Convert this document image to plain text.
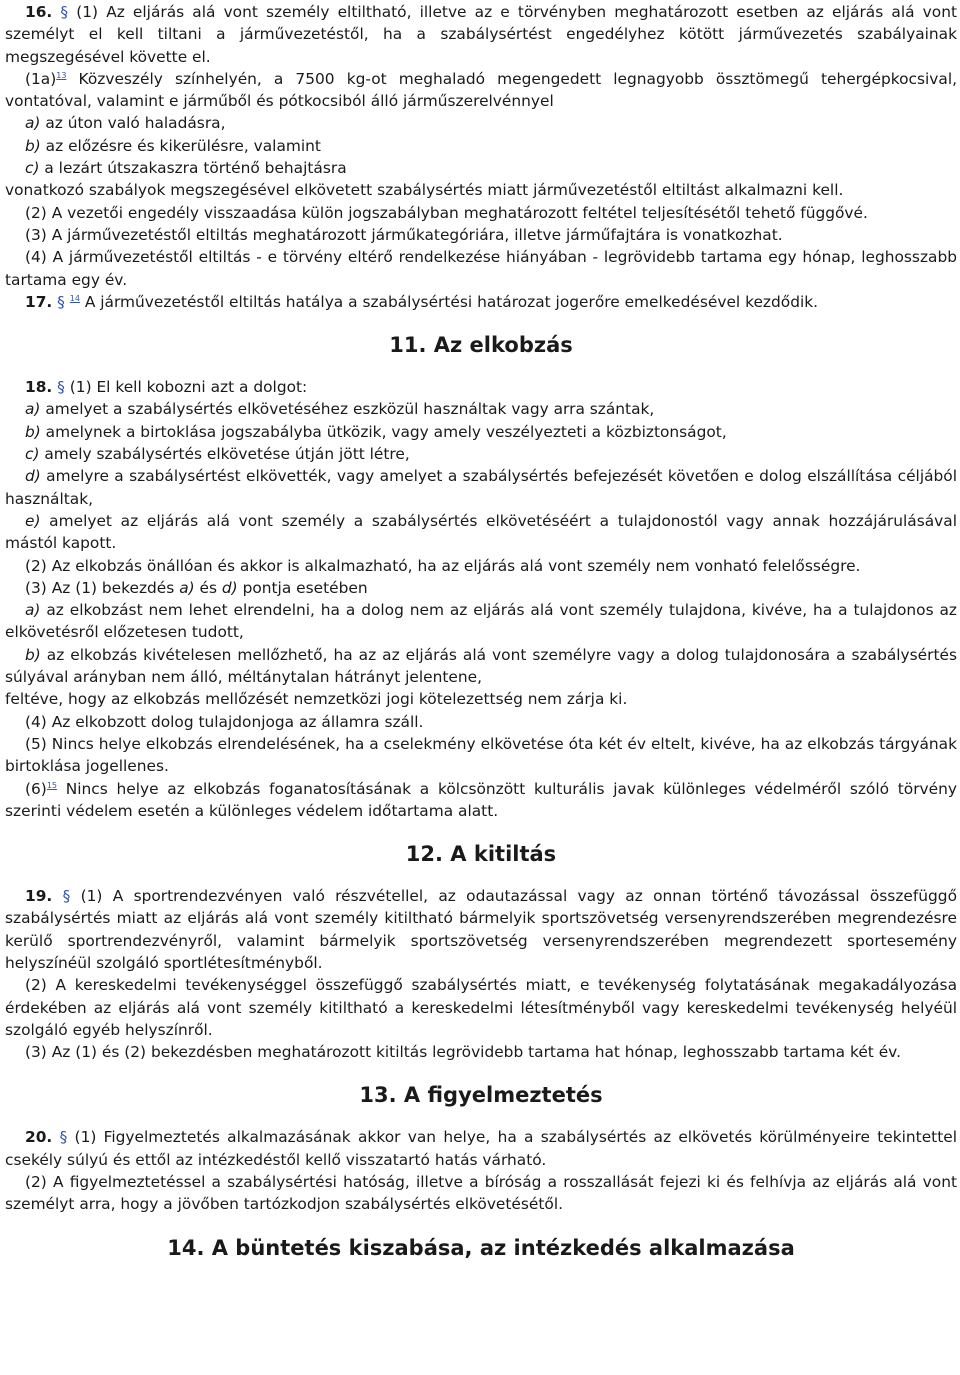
16. § (1) Az eljárás alá vont személy eltiltható, illetve az e törvényben meghatározott esetben az eljárás alá vont személyt el kell tiltani a járművezetéstől, ha a szabálysértést engedélyhez kötött járművezetés szabályainak megszegésével követte el.

(1a)$^{13}$ Közveszély színhelyén, a 7500 kg-ot meghaladó megengedett legnagyobb össztömegű tehergépkocsival, vontatóval, valamint e járműből és pótkocsiból álló járműszerelvénnyel

a) az úton való haladásra,

b) az előzésre és kikerülésre, valamint

c) a lezárt útszakaszra történő behajtásra

vonatkozó szabályok megszegésével elkövetett szabálysértés miatt járművezetéstől eltiltást alkalmazni kell.

(2) A vezetői engedély visszaadása külön jogszabályban meghatározott feltétel teljesítésétől tehető függővé.

(3) A járművezetéstől eltiltás meghatározott járműkategóriára, illetve járműfajtára is vonatkozhat.

(4) A járművezetéstől eltiltás - e törvény eltérő rendelkezése hiányában - legrövidebb tartama egy hónap, leghosszabb tartama egy év.

17. § $^{14}$ A járművezetéstől eltiltás hatálya a szabálysértési határozat jogerőre emelkedésével kezdődik.

11. Az elkobzás

18. § (1) El kell kobozni azt a dolgot:

a) amelyet a szabálysértés elkövetéséhez eszközül használtak vagy arra szántak,

b) amelynek a birtoklása jogszabályba ütközik, vagy amely veszélyezteti a közbiztonságot,

c) amely szabálysértés elkövetése útján jött létre,

d) amelyre a szabálysértést elkövették, vagy amelyet a szabálysértés befejezését követően e dolog elszállítása céljából használtak,

e) amelyet az eljárás alá vont személy a szabálysértés elkövetéséért a tulajdonostól vagy annak hozzájárulásával mástól kapott.

(2) Az elkobzás önállóan és akkor is alkalmazható, ha az eljárás alá vont személy nem vonható felelősségre.

(3) Az (1) bekezdés a) és d) pontja esetében

a) az elkobzást nem lehet elrendelni, ha a dolog nem az eljárás alá vont személy tulajdona, kivéve, ha a tulajdonos az elkövetésről előzetesen tudott,

b) az elkobzás kivételesen mellőzhető, ha az az eljárás alá vont személyre vagy a dolog tulajdonosára a szabálysértés súlyával arányban nem álló, méltánytalan hátrányt jelentene,

feltéve, hogy az elkobzás mellőzését nemzetközi jogi kötelezettség nem zárja ki.

(4) Az elkobzott dolog tulajdonjoga az államra száll.

(5) Nincs helye elkobzás elrendelésének, ha a cselekmény elkövetése óta két év eltelt, kivéve, ha az elkobzás tárgyának birtoklása jogellenes.

(6)$^{15}$ Nincs helye az elkobzás foganatosításának a kölcsönzött kulturális javak különleges védelméről szóló törvény szerinti védelem esetén a különleges védelem időtartama alatt.

12. A kitiltás

19. § (1) A sportrendezvényen való részvétellel, az odautazással vagy az onnan történő távozással összefüggő szabálysértés miatt az eljárás alá vont személy kitiltható bármelyik sportszövetség versenyrendszerében megrendezésre kerülő sportrendezvényről, valamint bármelyik sportszövetség versenyrendszerében megrendezett sportesemény helyszínéül szolgáló sportlétesítményből.

(2) A kereskedelmi tevékenységgel összefüggő szabálysértés miatt, e tevékenység folytatásának megakadályozása érdekében az eljárás alá vont személy kitiltható a kereskedelmi létesítményből vagy kereskedelmi tevékenység helyéül szolgáló egyéb helyszínről.

(3) Az (1) és (2) bekezdésben meghatározott kitiltás legrövidebb tartama hat hónap, leghosszabb tartama két év.

13. A figyelmeztetés

20. § (1) Figyelmeztetés alkalmazásának akkor van helye, ha a szabálysértés az elkövetés körülményeire tekintettel csekély súlyú és ettől az intézkedéstől kellő visszatartó hatás várható.

(2) A figyelmeztetéssel a szabálysértési hatóság, illetve a bíróság a rosszallását fejezi ki és felhívja az eljárás alá vont személyt arra, hogy a jövőben tartózkodjon szabálysértés elkövetésétől.

14. A büntetés kiszabása, az intézkedés alkalmazása
